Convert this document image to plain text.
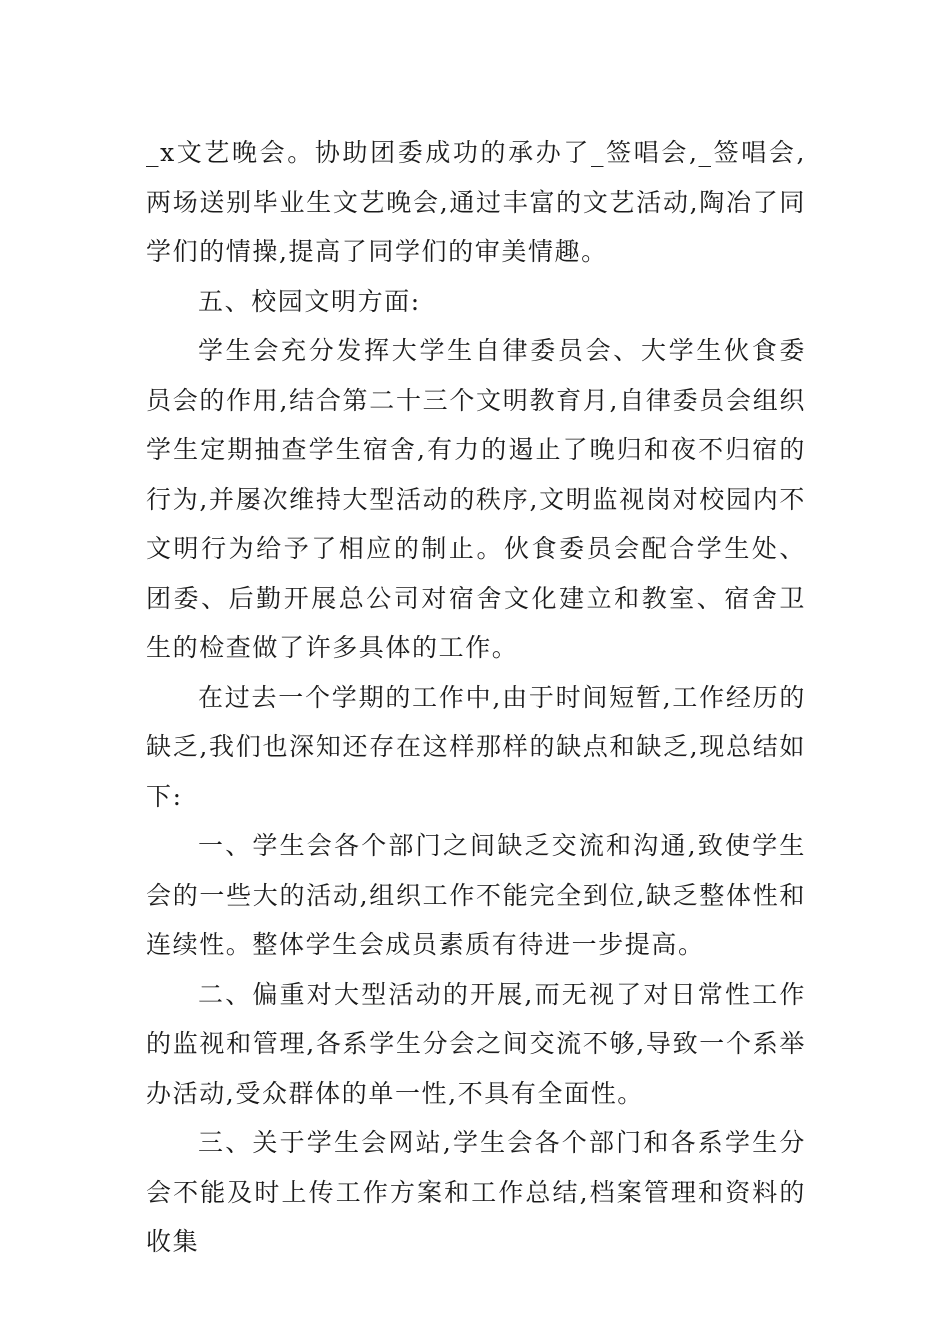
_x文艺晚会。协助团委成功的承办了_签唱会,_签唱会,两场送别毕业生文艺晚会,通过丰富的文艺活动,陶冶了同学们的情操,提高了同学们的审美情趣。

五、校园文明方面:

学生会充分发挥大学生自律委员会、大学生伙食委员会的作用,结合第二十三个文明教育月,自律委员会组织学生定期抽查学生宿舍,有力的遏止了晚归和夜不归宿的行为,并屡次维持大型活动的秩序,文明监视岗对校园内不文明行为给予了相应的制止。伙食委员会配合学生处、团委、后勤开展总公司对宿舍文化建立和教室、宿舍卫生的检查做了许多具体的工作。

在过去一个学期的工作中,由于时间短暂,工作经历的缺乏,我们也深知还存在这样那样的缺点和缺乏,现总结如下:

一、学生会各个部门之间缺乏交流和沟通,致使学生会的一些大的活动,组织工作不能完全到位,缺乏整体性和连续性。整体学生会成员素质有待进一步提高。

二、偏重对大型活动的开展,而无视了对日常性工作的监视和管理,各系学生分会之间交流不够,导致一个系举办活动,受众群体的单一性,不具有全面性。

三、关于学生会网站,学生会各个部门和各系学生分会不能及时上传工作方案和工作总结,档案管理和资料的收集
